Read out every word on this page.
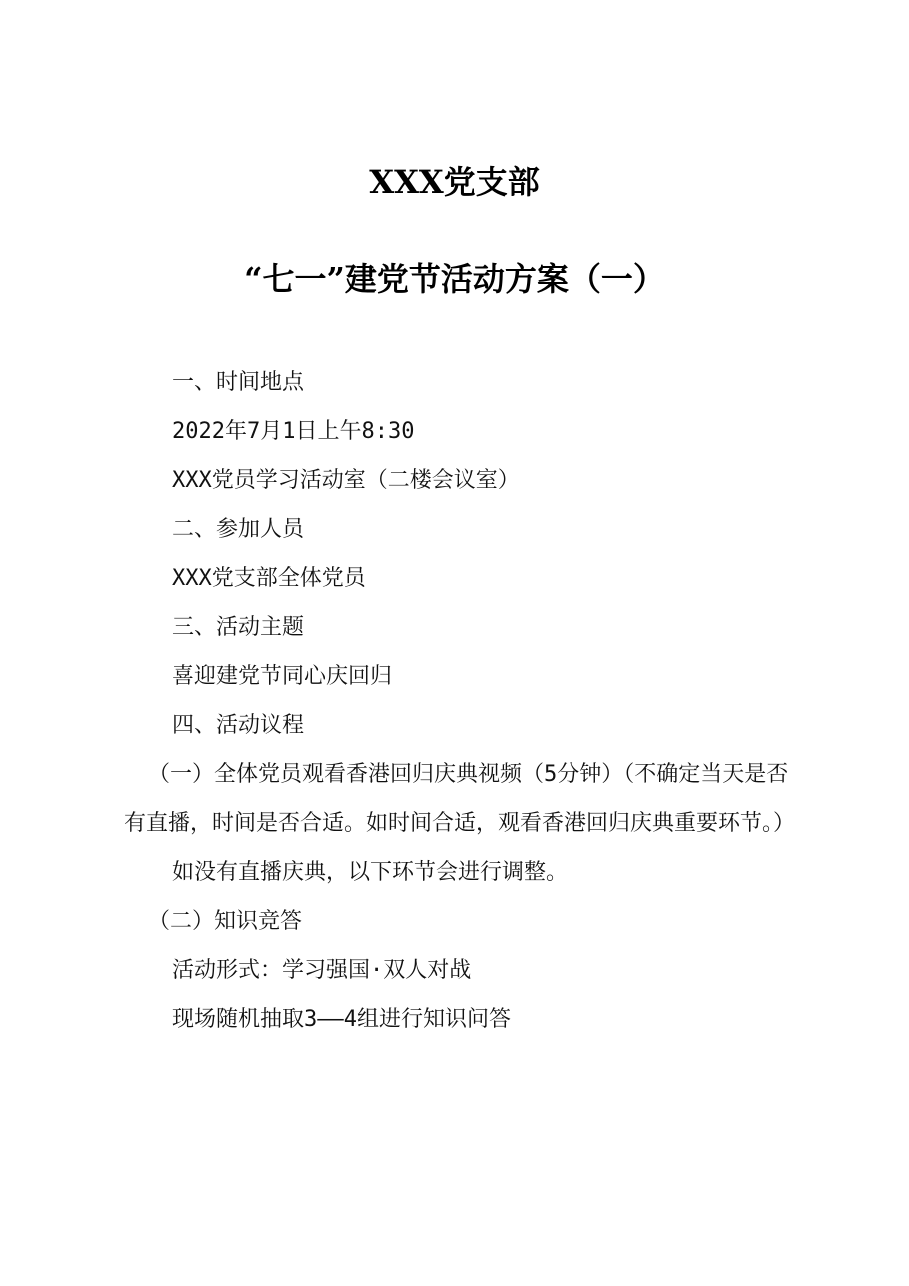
XXX党支部
“七一”建党节活动方案（一）

一、时间地点

2022年7月1日上午8:30

XXX党员学习活动室（二楼会议室）

二、参加人员

XXX党支部全体党员

三、活动主题

喜迎建党节同心庆回归

四、活动议程

（一）全体党员观看香港回归庆典视频（5分钟）（不确定当天是否有直播，时间是否合适。如时间合适，观看香港回归庆典重要环节。）

如没有直播庆典，以下环节会进行调整。

（二）知识竞答

活动形式：学习强国·双人对战

现场随机抽取3——4组进行知识问答
